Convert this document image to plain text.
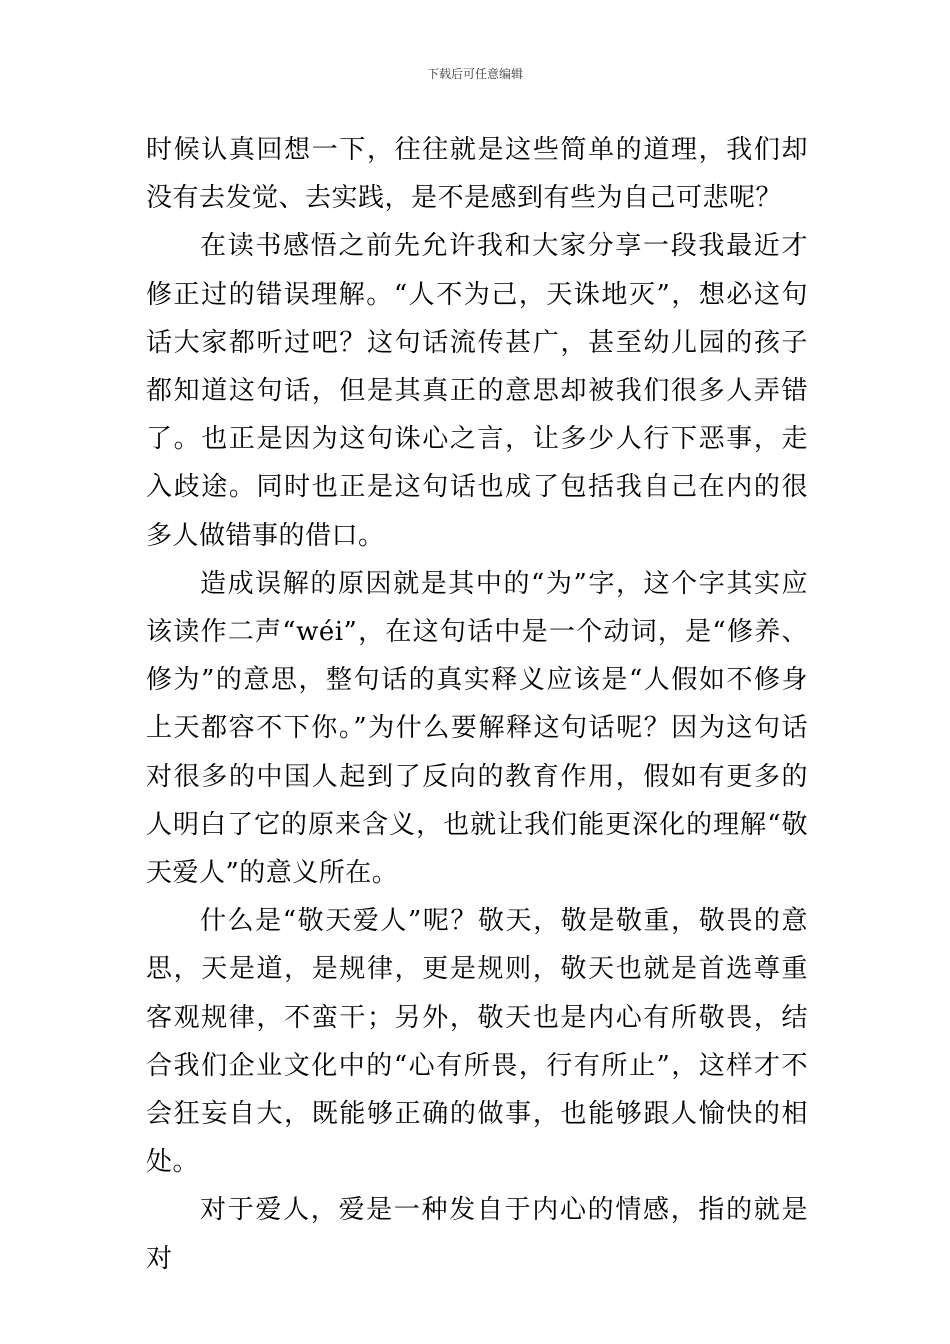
下载后可任意编辑

时候认真回想一下，往往就是这些简单的道理，我们却没有去发觉、去实践，是不是感到有些为自己可悲呢？

在读书感悟之前先允许我和大家分享一段我最近才修正过的错误理解。“人不为己，天诛地灭”，想必这句话大家都听过吧？这句话流传甚广，甚至幼儿园的孩子都知道这句话，但是其真正的意思却被我们很多人弄错了。也正是因为这句诛心之言，让多少人行下恶事，走入歧途。同时也正是这句话也成了包括我自己在内的很多人做错事的借口。

造成误解的原因就是其中的“为”字，这个字其实应该读作二声“wéi”，在这句话中是一个动词，是“修养、修为”的意思，整句话的真实释义应该是“人假如不修身上天都容不下你。”为什么要解释这句话呢？因为这句话对很多的中国人起到了反向的教育作用，假如有更多的人明白了它的原来含义，也就让我们能更深化的理解“敬天爱人”的意义所在。

什么是“敬天爱人”呢？敬天，敬是敬重，敬畏的意思，天是道，是规律，更是规则，敬天也就是首选尊重客观规律，不蛮干；另外，敬天也是内心有所敬畏，结合我们企业文化中的“心有所畏，行有所止”，这样才不会狂妄自大，既能够正确的做事，也能够跟人愉快的相处。

对于爱人，爱是一种发自于内心的情感，指的就是对
